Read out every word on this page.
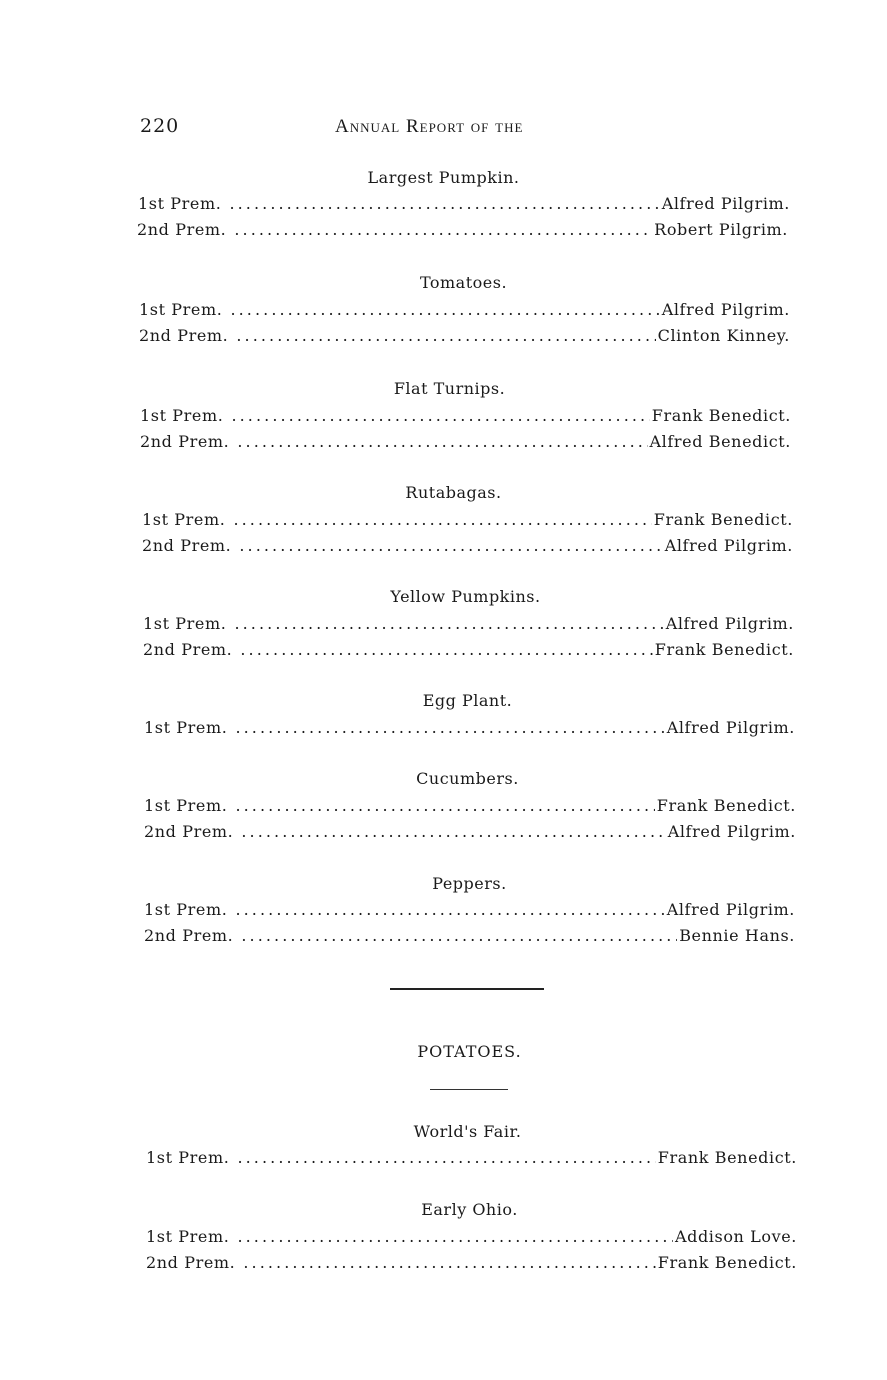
220	Annual Report of the
Largest Pumpkin.
1st Prem. . . .	Alfred Pilgrim.
2nd Prem. . . .	Robert Pilgrim.
Tomatoes.
1st Prem. . . .	Alfred Pilgrim.
2nd Prem. . . .	Clinton Kinney.
Flat Turnips.
1st Prem. . . .	Frank Benedict.
2nd Prem. . . .	Alfred Benedict.
Rutabagas.
1st Prem. . . .	Frank Benedict.
2nd Prem. . . .	Alfred Pilgrim.
Yellow Pumpkins.
1st Prem. . . .	Alfred Pilgrim.
2nd Prem. . . .	Frank Benedict.
Egg Plant.
1st Prem. . . .	Alfred Pilgrim.
Cucumbers.
1st Prem. . . .	Frank Benedict.
2nd Prem. . . .	Alfred Pilgrim.
Peppers.
1st Prem. . . .	Alfred Pilgrim.
2nd Prem. . . .	Bennie Hans.
POTATOES.
World's Fair.
1st Prem. . . .	Frank Benedict.
Early Ohio.
1st Prem. . . .	Addison Love.
2nd Prem. . . .	Frank Benedict.
